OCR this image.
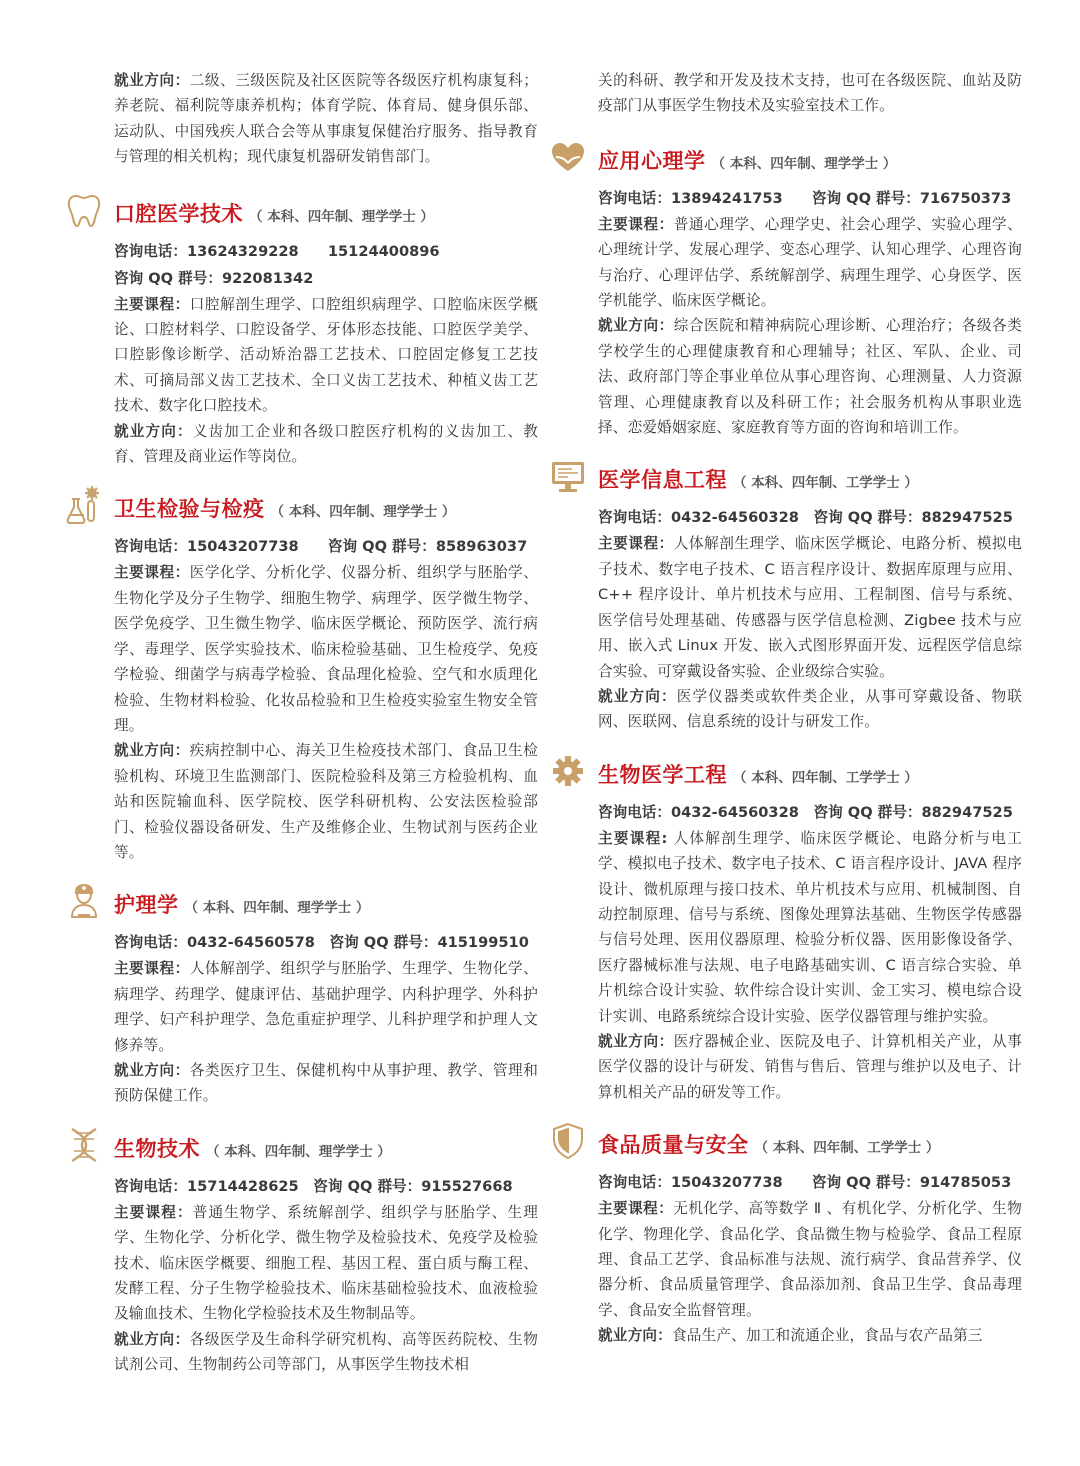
就业方向：二级、三级医院及社区医院等各级医疗机构康复科；养老院、福利院等康养机构；体育学院、体育局、健身俱乐部、运动队、中国残疾人联合会等从事康复保健治疗服务、指导教育与管理的相关机构；现代康复机器研发销售部门。

口腔医学技术 （ 本科、四年制、理学学士 ）

咨询电话：13624329228　　15124400896

咨询 QQ 群号：922081342

主要课程：口腔解剖生理学、口腔组织病理学、口腔临床医学概论、口腔材料学、口腔设备学、牙体形态技能、口腔医学美学、口腔影像诊断学、活动矫治器工艺技术、口腔固定修复工艺技术、可摘局部义齿工艺技术、全口义齿工艺技术、种植义齿工艺技术、数字化口腔技术。

就业方向：义齿加工企业和各级口腔医疗机构的义齿加工、教育、管理及商业运作等岗位。

卫生检验与检疫 （ 本科、四年制、理学学士 ）

咨询电话：15043207738　　 咨询 QQ 群号：858963037

主要课程：医学化学、分析化学、仪器分析、组织学与胚胎学、生物化学及分子生物学、细胞生物学、病理学、医学微生物学、医学免疫学、卫生微生物学、临床医学概论、预防医学、流行病学、毒理学、医学实验技术、临床检验基础、卫生检疫学、免疫学检验、细菌学与病毒学检验、食品理化检验、空气和水质理化检验、生物材料检验、化妆品检验和卫生检疫实验室生物安全管理。

就业方向：疾病控制中心、海关卫生检疫技术部门、食品卫生检验机构、环境卫生监测部门、医院检验科及第三方检验机构、血站和医院输血科、医学院校、医学科研机构、公安法医检验部门、检验仪器设备研发、生产及维修企业、生物试剂与医药企业等。

护理学 （ 本科、四年制、理学学士 ）

咨询电话：0432-64560578　 咨询 QQ 群号：415199510

主要课程：人体解剖学、组织学与胚胎学、生理学、生物化学、病理学、药理学、健康评估、基础护理学、内科护理学、外科护理学、妇产科护理学、急危重症护理学、儿科护理学和护理人文修养等。

就业方向：各类医疗卫生、保健机构中从事护理、教学、管理和预防保健工作。

生物技术 （ 本科、四年制、理学学士 ）

咨询电话：15714428625　 咨询 QQ 群号：915527668

主要课程：普通生物学、系统解剖学、组织学与胚胎学、生理学、生物化学、分析化学、微生物学及检验技术、免疫学及检验技术、临床医学概要、细胞工程、基因工程、蛋白质与酶工程、发酵工程、分子生物学检验技术、临床基础检验技术、血液检验及输血技术、生物化学检验技术及生物制品等。

就业方向：各级医学及生命科学研究机构、高等医药院校、生物试剂公司、生物制药公司等部门，从事医学生物技术相

关的科研、教学和开发及技术支持，也可在各级医院、血站及防疫部门从事医学生物技术及实验室技术工作。

应用心理学 （ 本科、四年制、理学学士 ）

咨询电话：13894241753　　 咨询 QQ 群号：716750373

主要课程：普通心理学、心理学史、社会心理学、实验心理学、心理统计学、发展心理学、变态心理学、认知心理学、心理咨询与治疗、心理评估学、系统解剖学、病理生理学、心身医学、医学机能学、临床医学概论。

就业方向：综合医院和精神病院心理诊断、心理治疗；各级各类学校学生的心理健康教育和心理辅导；社区、军队、企业、司法、政府部门等企事业单位从事心理咨询、心理测量、人力资源管理、心理健康教育以及科研工作；社会服务机构从事职业选择、恋爱婚姻家庭、家庭教育等方面的咨询和培训工作。

医学信息工程 （ 本科、四年制、工学学士 ）

咨询电话：0432-64560328　 咨询 QQ 群号：882947525

主要课程：人体解剖生理学、临床医学概论、电路分析、模拟电子技术、数字电子技术、C 语言程序设计、数据库原理与应用、C++ 程序设计、单片机技术与应用、工程制图、信号与系统、医学信号处理基础、传感器与医学信息检测、Zigbee 技术与应用、嵌入式 Linux 开发、嵌入式图形界面开发、远程医学信息综合实验、可穿戴设备实验、企业级综合实验。

就业方向：医学仪器类或软件类企业，从事可穿戴设备、物联网、医联网、信息系统的设计与研发工作。

生物医学工程 （ 本科、四年制、工学学士 ）

咨询电话：0432-64560328　 咨询 QQ 群号：882947525

主要课程: 人体解剖生理学、临床医学概论、电路分析与电工学、模拟电子技术、数字电子技术、C 语言程序设计、JAVA 程序设计、微机原理与接口技术、单片机技术与应用、机械制图、自动控制原理、信号与系统、图像处理算法基础、生物医学传感器与信号处理、医用仪器原理、检验分析仪器、医用影像设备学、医疗器械标准与法规、电子电路基础实训、C 语言综合实验、单片机综合设计实验、软件综合设计实训、金工实习、模电综合设计实训、电路系统综合设计实验、医学仪器管理与维护实验。

就业方向：医疗器械企业、医院及电子、计算机相关产业，从事医学仪器的设计与研发、销售与售后、管理与维护以及电子、计算机相关产品的研发等工作。

食品质量与安全 （ 本科、四年制、工学学士 ）

咨询电话：15043207738　　 咨询 QQ 群号：914785053

主要课程：无机化学、高等数学 Ⅱ 、有机化学、分析化学、生物化学、物理化学、食品化学、食品微生物与检验学、食品工程原理、食品工艺学、食品标准与法规、流行病学、食品营养学、仪器分析、食品质量管理学、食品添加剂、食品卫生学、食品毒理学、食品安全监督管理。

就业方向：食品生产、加工和流通企业，食品与农产品第三
